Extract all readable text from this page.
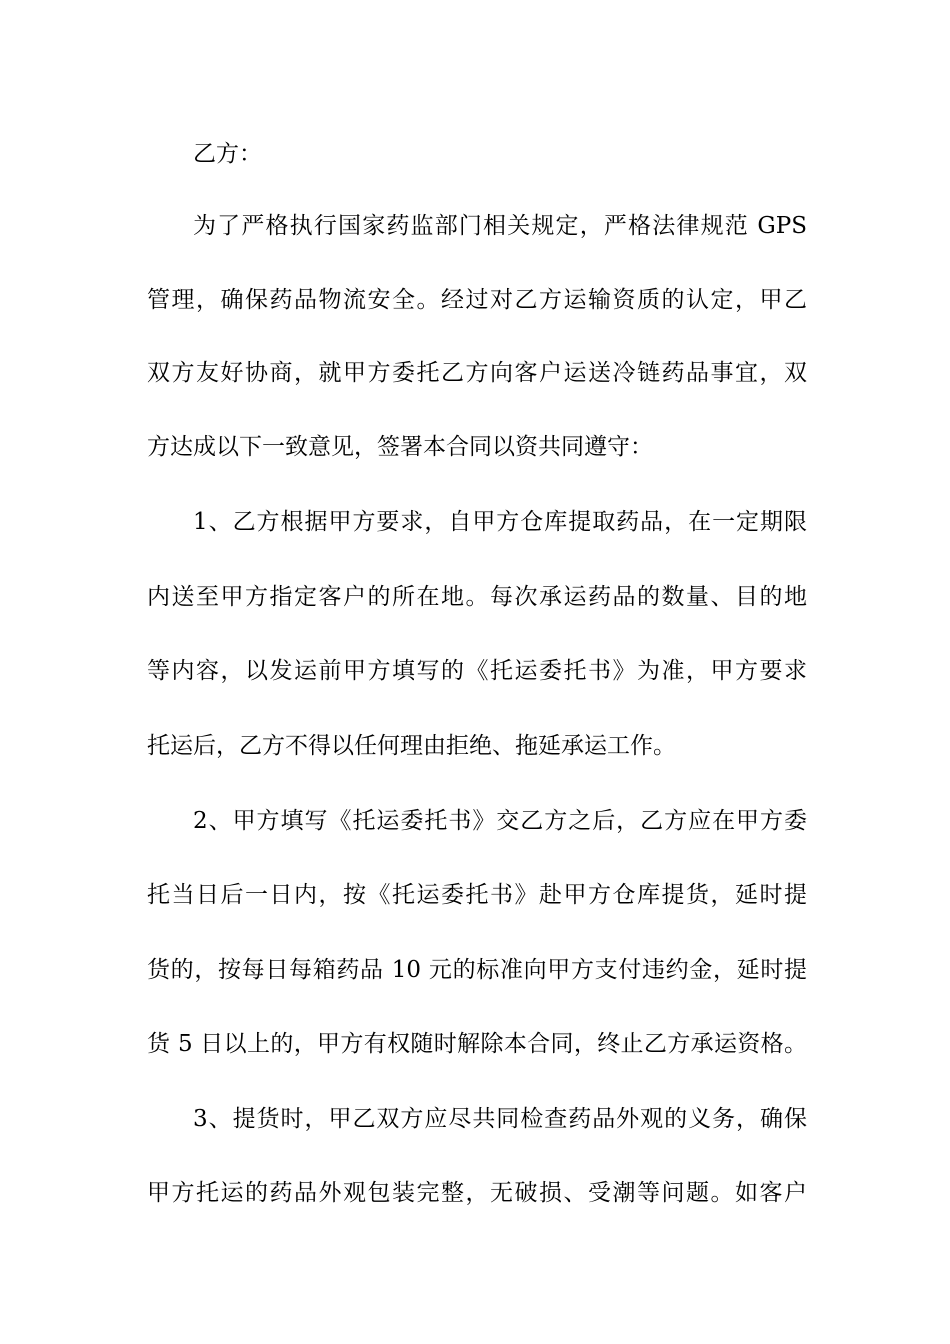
乙方：
为了严格执行国家药监部门相关规定，严格法律规范 GPS
管理，确保药品物流安全。经过对乙方运输资质的认定，甲乙
双方友好协商，就甲方委托乙方向客户运送冷链药品事宜，双
方达成以下一致意见，签署本合同以资共同遵守：
1、乙方根据甲方要求，自甲方仓库提取药品，在一定期限
内送至甲方指定客户的所在地。每次承运药品的数量、目的地
等内容，以发运前甲方填写的《托运委托书》为准，甲方要求
托运后，乙方不得以任何理由拒绝、拖延承运工作。
2、甲方填写《托运委托书》交乙方之后，乙方应在甲方委
托当日后一日内，按《托运委托书》赴甲方仓库提货，延时提
货的，按每日每箱药品 10 元的标准向甲方支付违约金，延时提
货 5 日以上的，甲方有权随时解除本合同，终止乙方承运资格。
3、提货时，甲乙双方应尽共同检查药品外观的义务，确保
甲方托运的药品外观包装完整，无破损、受潮等问题。如客户
